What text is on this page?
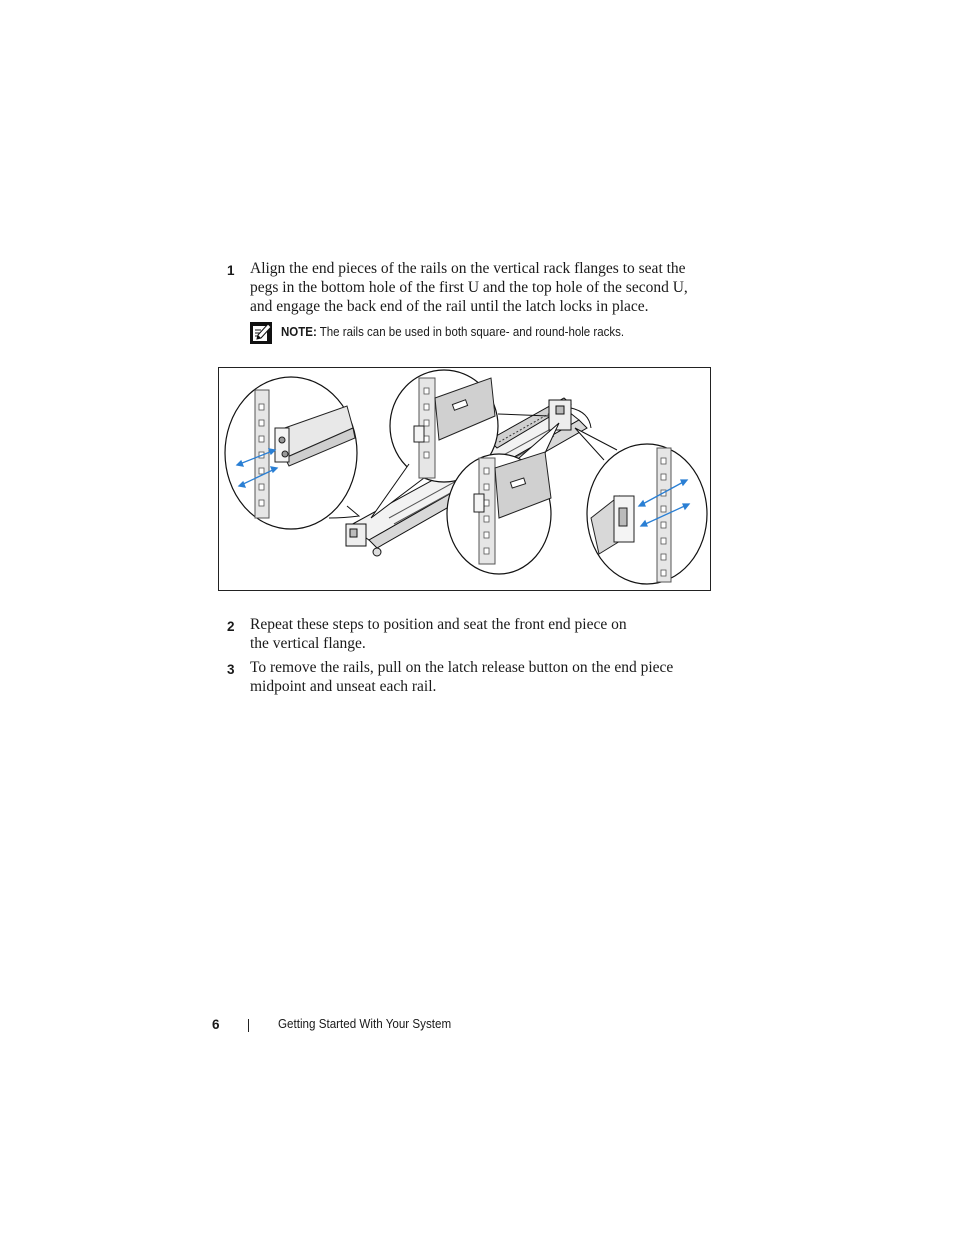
1 Align the end pieces of the rails on the vertical rack flanges to seat the
pegs in the bottom hole of the first U and the top hole of the second U,
and engage the back end of the rail until the latch locks in place.
NOTE: The rails can be used in both square- and round-hole racks.
2 Repeat these steps to position and seat the front end piece on
the vertical flange.
3 To remove the rails, pull on the latch release button on the end piece
midpoint and unseat each rail.
6	Getting Started With Your System
